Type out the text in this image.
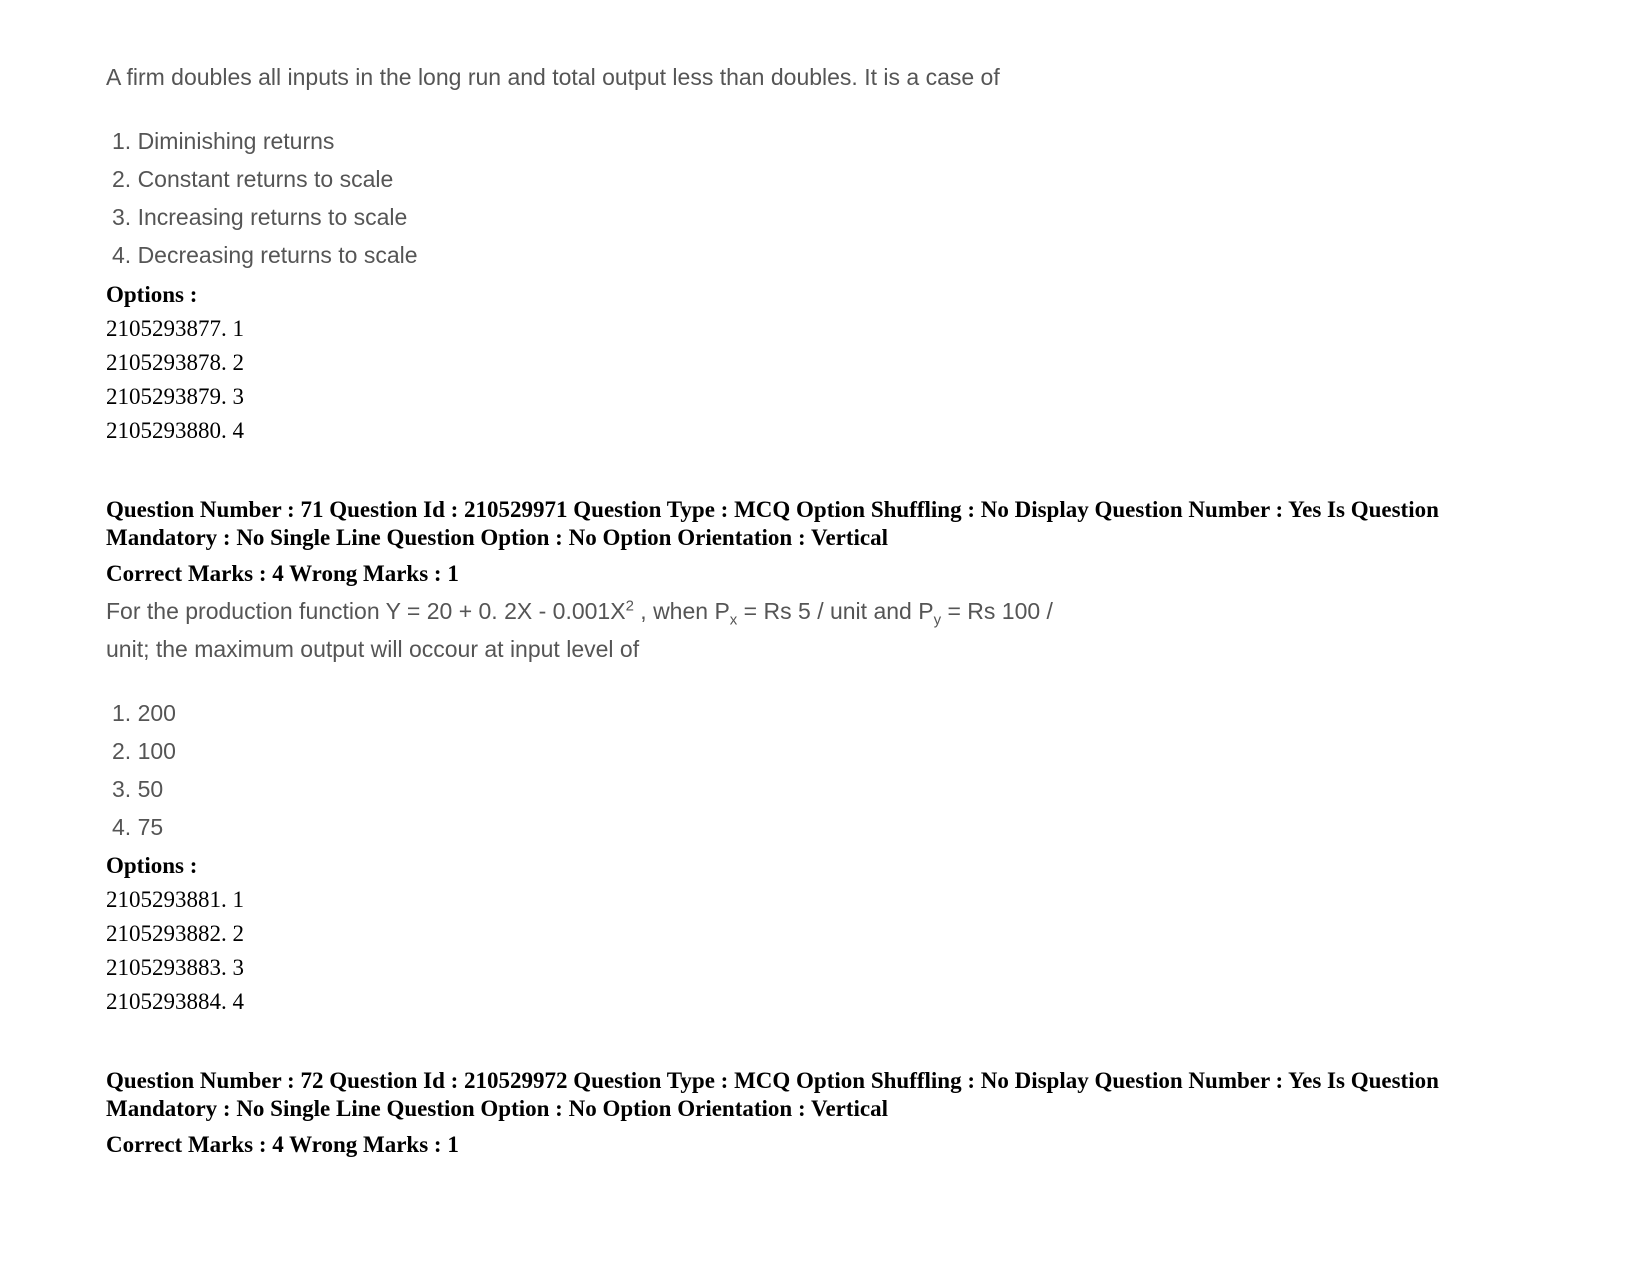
A firm doubles all inputs in the long run and total output less than doubles. It is a case of
1. Diminishing returns
2. Constant returns to scale
3. Increasing returns to scale
4. Decreasing returns to scale
Options :
2105293877. 1
2105293878. 2
2105293879. 3
2105293880. 4
Question Number : 71 Question Id : 210529971 Question Type : MCQ Option Shuffling : No Display Question Number : Yes Is Question
Mandatory : No Single Line Question Option : No Option Orientation : Vertical
Correct Marks : 4 Wrong Marks : 1
For the production function Y = 20 + 0. $2X - 0.001X^2$ , when $P_x = Rs$ 5 / unit and $P_y = Rs$ 100 /
unit; the maximum output will occour at input level of
1. 200
2. 100
3. 50
4. 75
Options :
2105293881. 1
2105293882. 2
2105293883. 3
2105293884. 4
Question Number : 72 Question Id : 210529972 Question Type : MCQ Option Shuffling : No Display Question Number : Yes Is Question
Mandatory : No Single Line Question Option : No Option Orientation : Vertical
Correct Marks : 4 Wrong Marks : 1
